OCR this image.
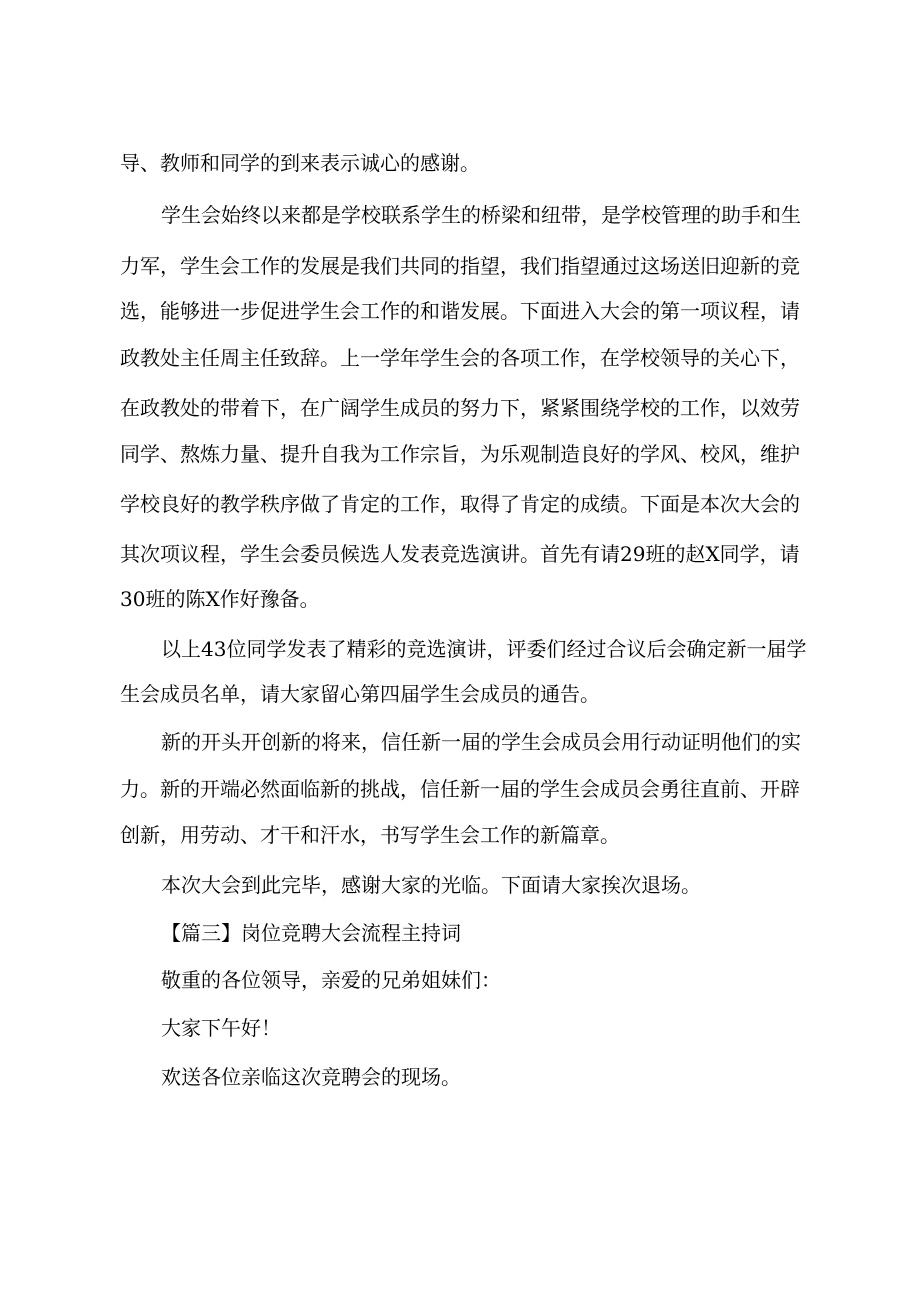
导、教师和同学的到来表示诚心的感谢。
学生会始终以来都是学校联系学生的桥梁和纽带，是学校管理的助手和生
力军，学生会工作的发展是我们共同的指望，我们指望通过这场送旧迎新的竞
选，能够进一步促进学生会工作的和谐发展。下面进入大会的第一项议程，请
政教处主任周主任致辞。上一学年学生会的各项工作，在学校领导的关心下，
在政教处的带着下，在广阔学生成员的努力下，紧紧围绕学校的工作，以效劳
同学、熬炼力量、提升自我为工作宗旨，为乐观制造良好的学风、校风，维护
学校良好的教学秩序做了肯定的工作，取得了肯定的成绩。下面是本次大会的
其次项议程，学生会委员候选人发表竞选演讲。首先有请29班的赵X同学，请
30班的陈X作好豫备。
以上43位同学发表了精彩的竞选演讲，评委们经过合议后会确定新一届学
生会成员名单，请大家留心第四届学生会成员的通告。
新的开头开创新的将来，信任新一届的学生会成员会用行动证明他们的实
力。新的开端必然面临新的挑战，信任新一届的学生会成员会勇往直前、开辟
创新，用劳动、才干和汗水，书写学生会工作的新篇章。
本次大会到此完毕，感谢大家的光临。下面请大家挨次退场。
【篇三】岗位竞聘大会流程主持词
敬重的各位领导，亲爱的兄弟姐妹们：
大家下午好！
欢送各位亲临这次竞聘会的现场。
